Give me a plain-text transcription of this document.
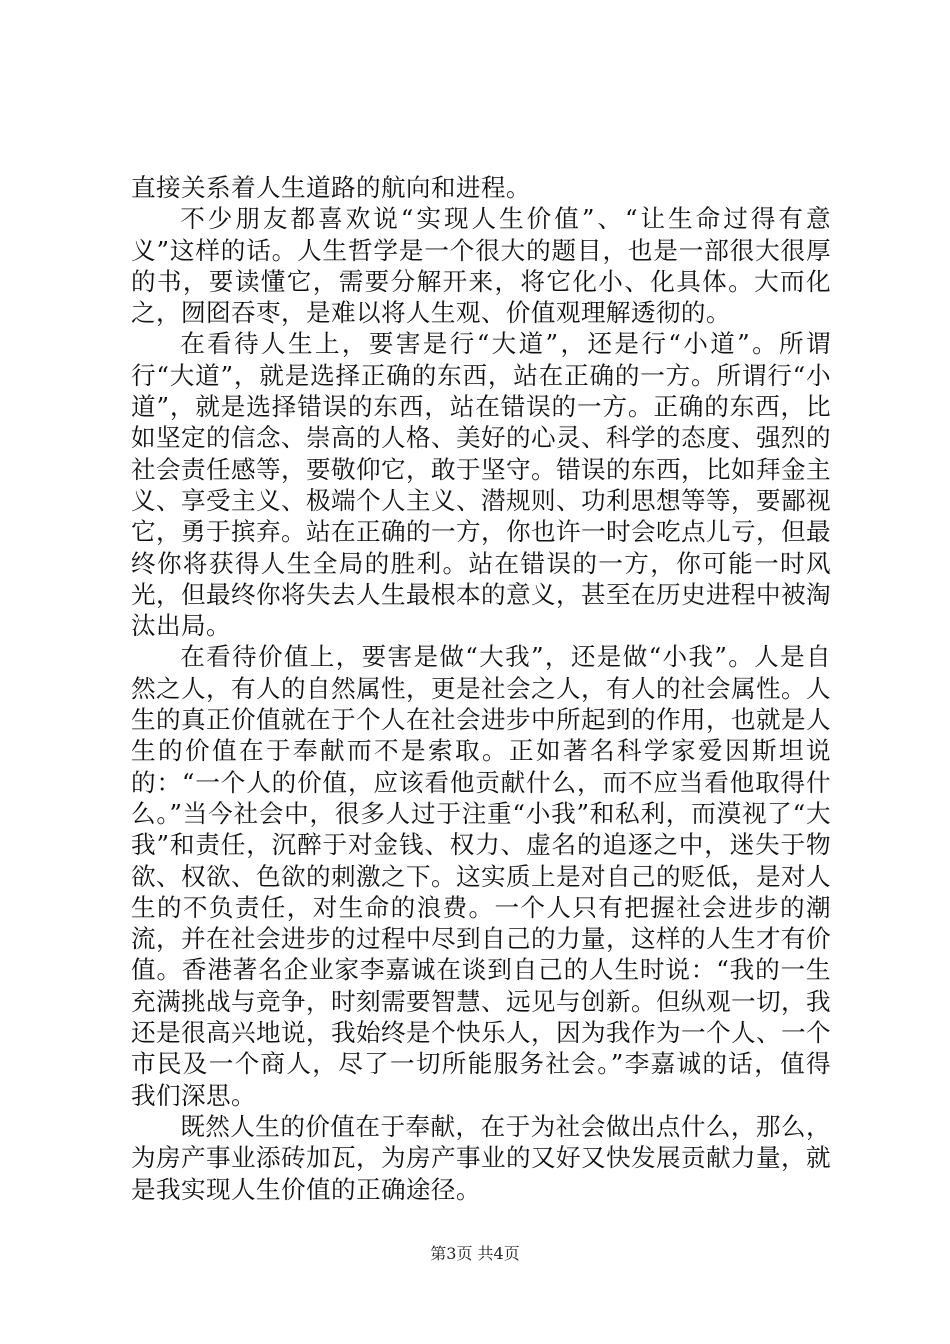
直接关系着人生道路的航向和进程。

不少朋友都喜欢说“实现人生价值”、“让生命过得有意义”这样的话。人生哲学是一个很大的题目，也是一部很大很厚的书，要读懂它，需要分解开来，将它化小、化具体。大而化之，囫囵吞枣，是难以将人生观、价值观理解透彻的。

在看待人生上，要害是行“大道”，还是行“小道”。所谓行“大道”，就是选择正确的东西，站在正确的一方。所谓行“小道”，就是选择错误的东西，站在错误的一方。正确的东西，比如坚定的信念、崇高的人格、美好的心灵、科学的态度、强烈的社会责任感等，要敬仰它，敢于坚守。错误的东西，比如拜金主义、享受主义、极端个人主义、潜规则、功利思想等等，要鄙视它，勇于摈弃。站在正确的一方，你也许一时会吃点儿亏，但最终你将获得人生全局的胜利。站在错误的一方，你可能一时风光，但最终你将失去人生最根本的意义，甚至在历史进程中被淘汰出局。

在看待价值上，要害是做“大我”，还是做“小我”。人是自然之人，有人的自然属性，更是社会之人，有人的社会属性。人生的真正价值就在于个人在社会进步中所起到的作用，也就是人生的价值在于奉献而不是索取。正如著名科学家爱因斯坦说的：“一个人的价值，应该看他贡献什么，而不应当看他取得什么。”当今社会中，很多人过于注重“小我”和私利，而漠视了“大我”和责任，沉醉于对金钱、权力、虚名的追逐之中，迷失于物欲、权欲、色欲的刺激之下。这实质上是对自己的贬低，是对人生的不负责任，对生命的浪费。一个人只有把握社会进步的潮流，并在社会进步的过程中尽到自己的力量，这样的人生才有价值。香港著名企业家李嘉诚在谈到自己的人生时说：“我的一生充满挑战与竞争，时刻需要智慧、远见与创新。但纵观一切，我还是很高兴地说，我始终是个快乐人，因为我作为一个人、一个市民及一个商人，尽了一切所能服务社会。”李嘉诚的话，值得我们深思。

既然人生的价值在于奉献，在于为社会做出点什么，那么，为房产事业添砖加瓦，为房产事业的又好又快发展贡献力量，就是我实现人生价值的正确途径。

第3页 共4页
